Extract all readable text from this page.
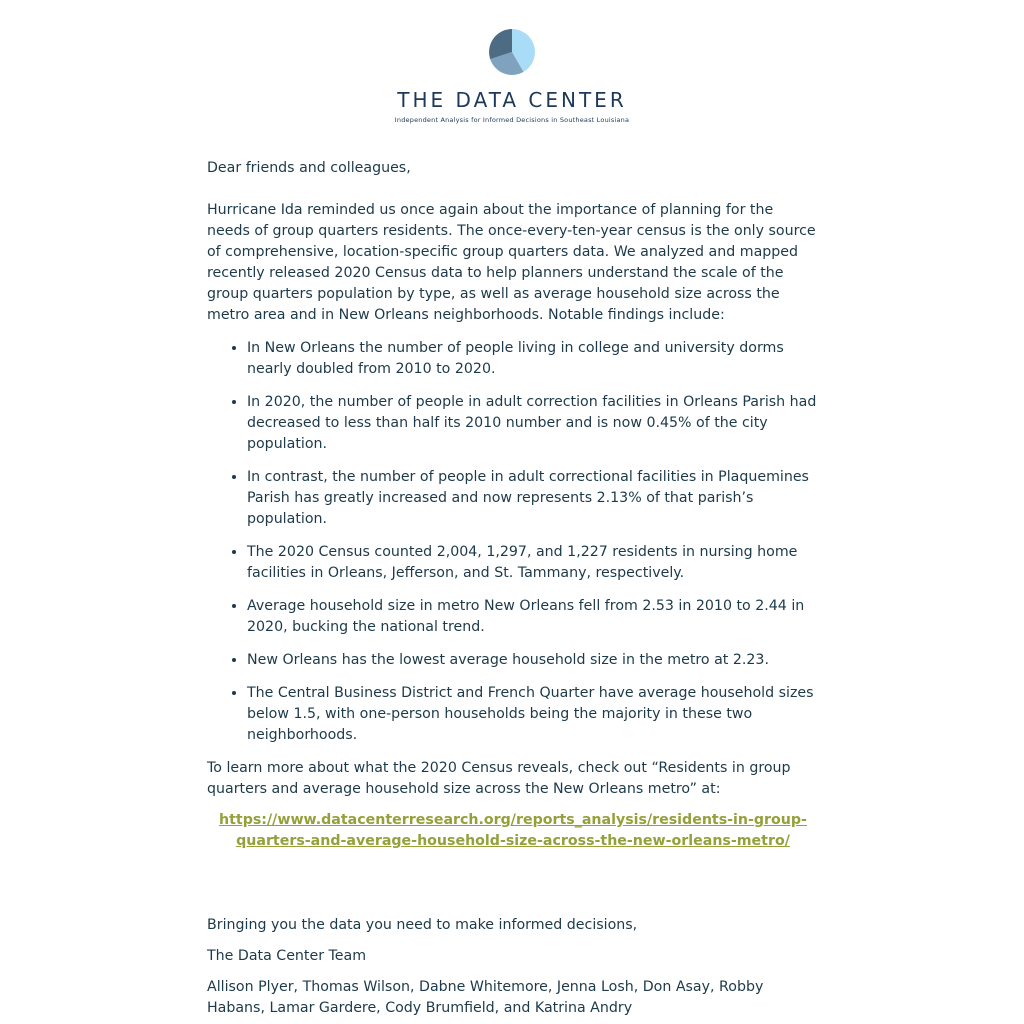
THE DATA CENTER
Independent Analysis for Informed Decisions in Southeast Louisiana

Dear friends and colleagues,

Hurricane Ida reminded us once again about the importance of planning for the needs of group quarters residents. The once-every-ten-year census is the only source of comprehensive, location-specific group quarters data. We analyzed and mapped recently released 2020 Census data to help planners understand the scale of the group quarters population by type, as well as average household size across the metro area and in New Orleans neighborhoods. Notable findings include:

• In New Orleans the number of people living in college and university dorms nearly doubled from 2010 to 2020.
• In 2020, the number of people in adult correction facilities in Orleans Parish had decreased to less than half its 2010 number and is now 0.45% of the city population.
• In contrast, the number of people in adult correctional facilities in Plaquemines Parish has greatly increased and now represents 2.13% of that parish’s population.
• The 2020 Census counted 2,004, 1,297, and 1,227 residents in nursing home facilities in Orleans, Jefferson, and St. Tammany, respectively.
• Average household size in metro New Orleans fell from 2.53 in 2010 to 2.44 in 2020, bucking the national trend.
• New Orleans has the lowest average household size in the metro at 2.23.
• The Central Business District and French Quarter have average household sizes below 1.5, with one-person households being the majority in these two neighborhoods.

To learn more about what the 2020 Census reveals, check out “Residents in group quarters and average household size across the New Orleans metro” at:

https://www.datacenterresearch.org/reports_analysis/residents-in-group-quarters-and-average-household-size-across-the-new-orleans-metro/

Bringing you the data you need to make informed decisions,

The Data Center Team

Allison Plyer, Thomas Wilson, Dabne Whitemore, Jenna Losh, Don Asay, Robby Habans, Lamar Gardere, Cody Brumfield, and Katrina Andry
